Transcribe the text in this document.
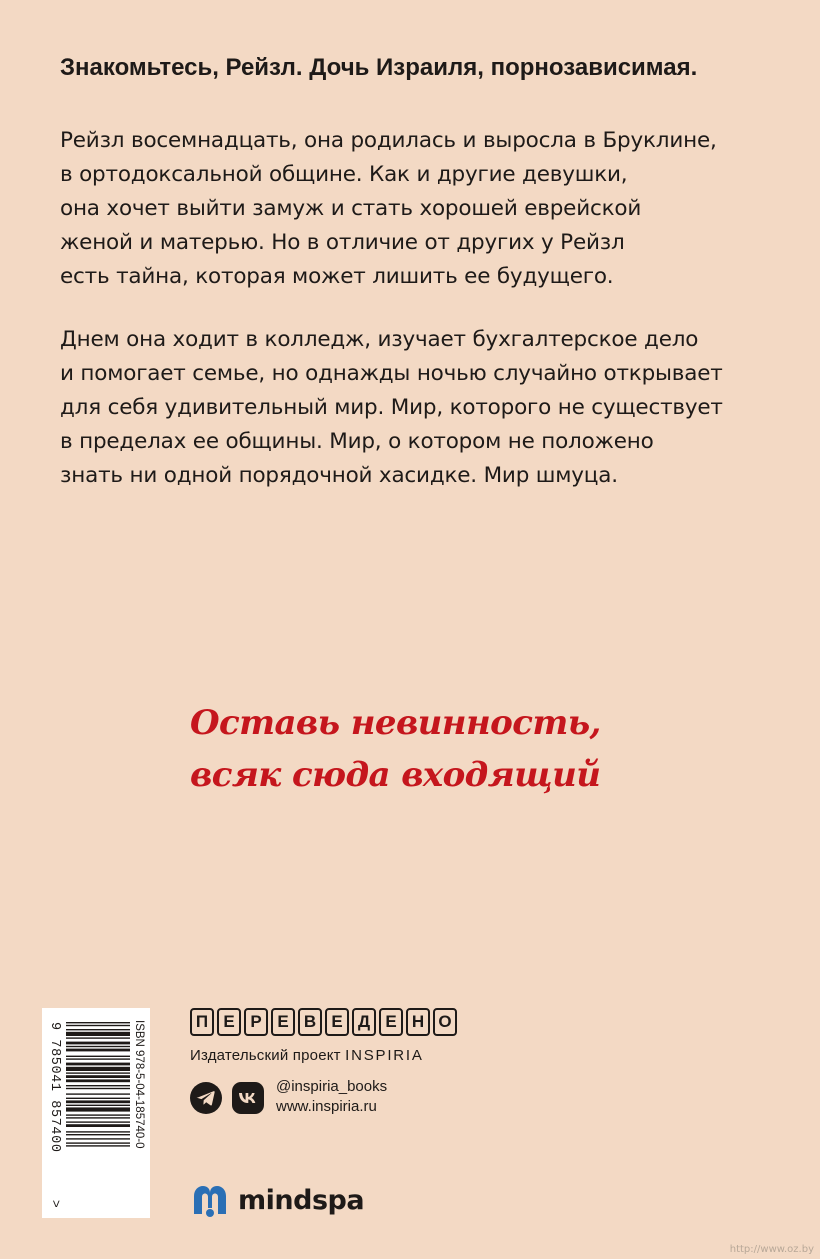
Знакомьтесь, Рейзл. Дочь Израиля, порнозависимая.

Рейзл восемнадцать, она родилась и выросла в Бруклине,
в ортодоксальной общине. Как и другие девушки,
она хочет выйти замуж и стать хорошей еврейской
женой и матерью. Но в отличие от других у Рейзл
есть тайна, которая может лишить ее будущего.
Днем она ходит в колледж, изучает бухгалтерское дело
и помогает семье, но однажды ночью случайно открывает
для себя удивительный мир. Мир, которого не существует
в пределах ее общины. Мир, о котором не положено
знать ни одной порядочной хасидке. Мир шмуца.
Оставь невинность,
всяк сюда входящий
ISBN 978-5-04-185740-0
9 785041 857400
>
П Е Р Е В Е Д Е Н О

Издательский проект INSPIRIA

@inspiria_books

www.inspiria.ru

mindspa
http://www.oz.by
